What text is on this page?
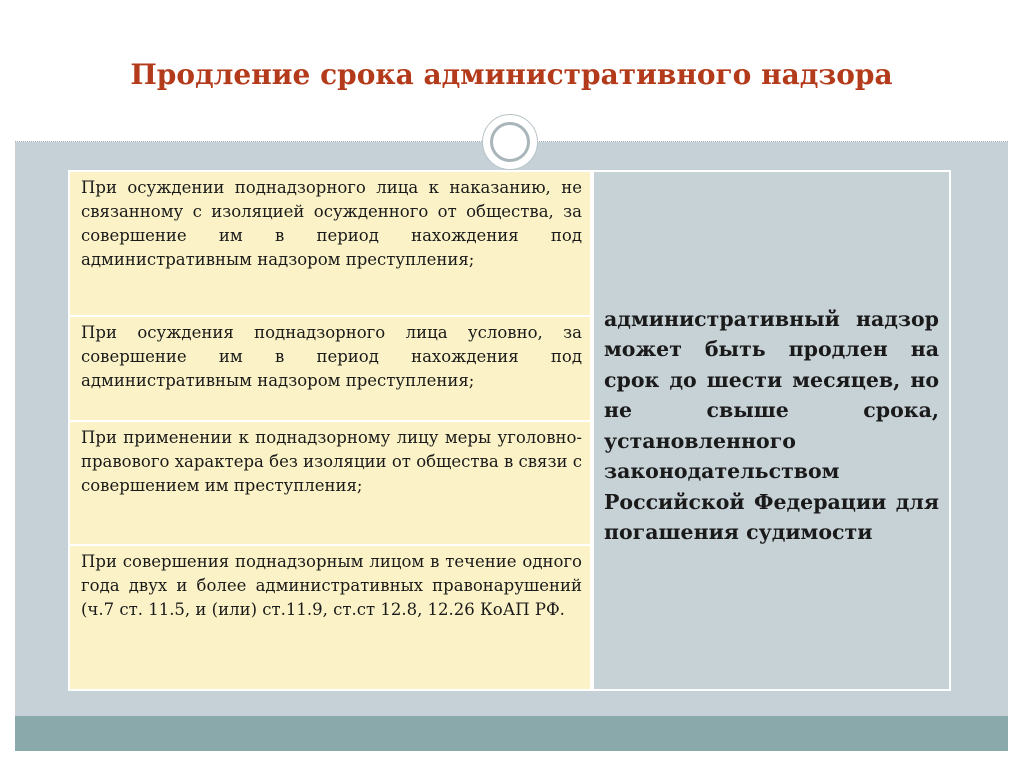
Продление срока административного надзора
При осуждении поднадзорного лица к наказанию, не связанному с изоляцией осужденного от общества, за совершение им в период нахождения под административным надзором преступления;
При осуждения поднадзорного лица условно, за совершение им в период нахождения под административным надзором преступления;
При применении к поднадзорному лицу меры уголовно-правового характера без изоляции от общества в связи с совершением им преступления;
При совершения поднадзорным лицом в течение одного года двух и более административных правонарушений (ч.7 ст. 11.5, и (или) ст.11.9, ст.ст 12.8, 12.26 КоАП РФ.

административный надзор может быть продлен на срок до шести месяцев, но не свыше срока, установленного законодательством Российской Федерации для погашения судимости
